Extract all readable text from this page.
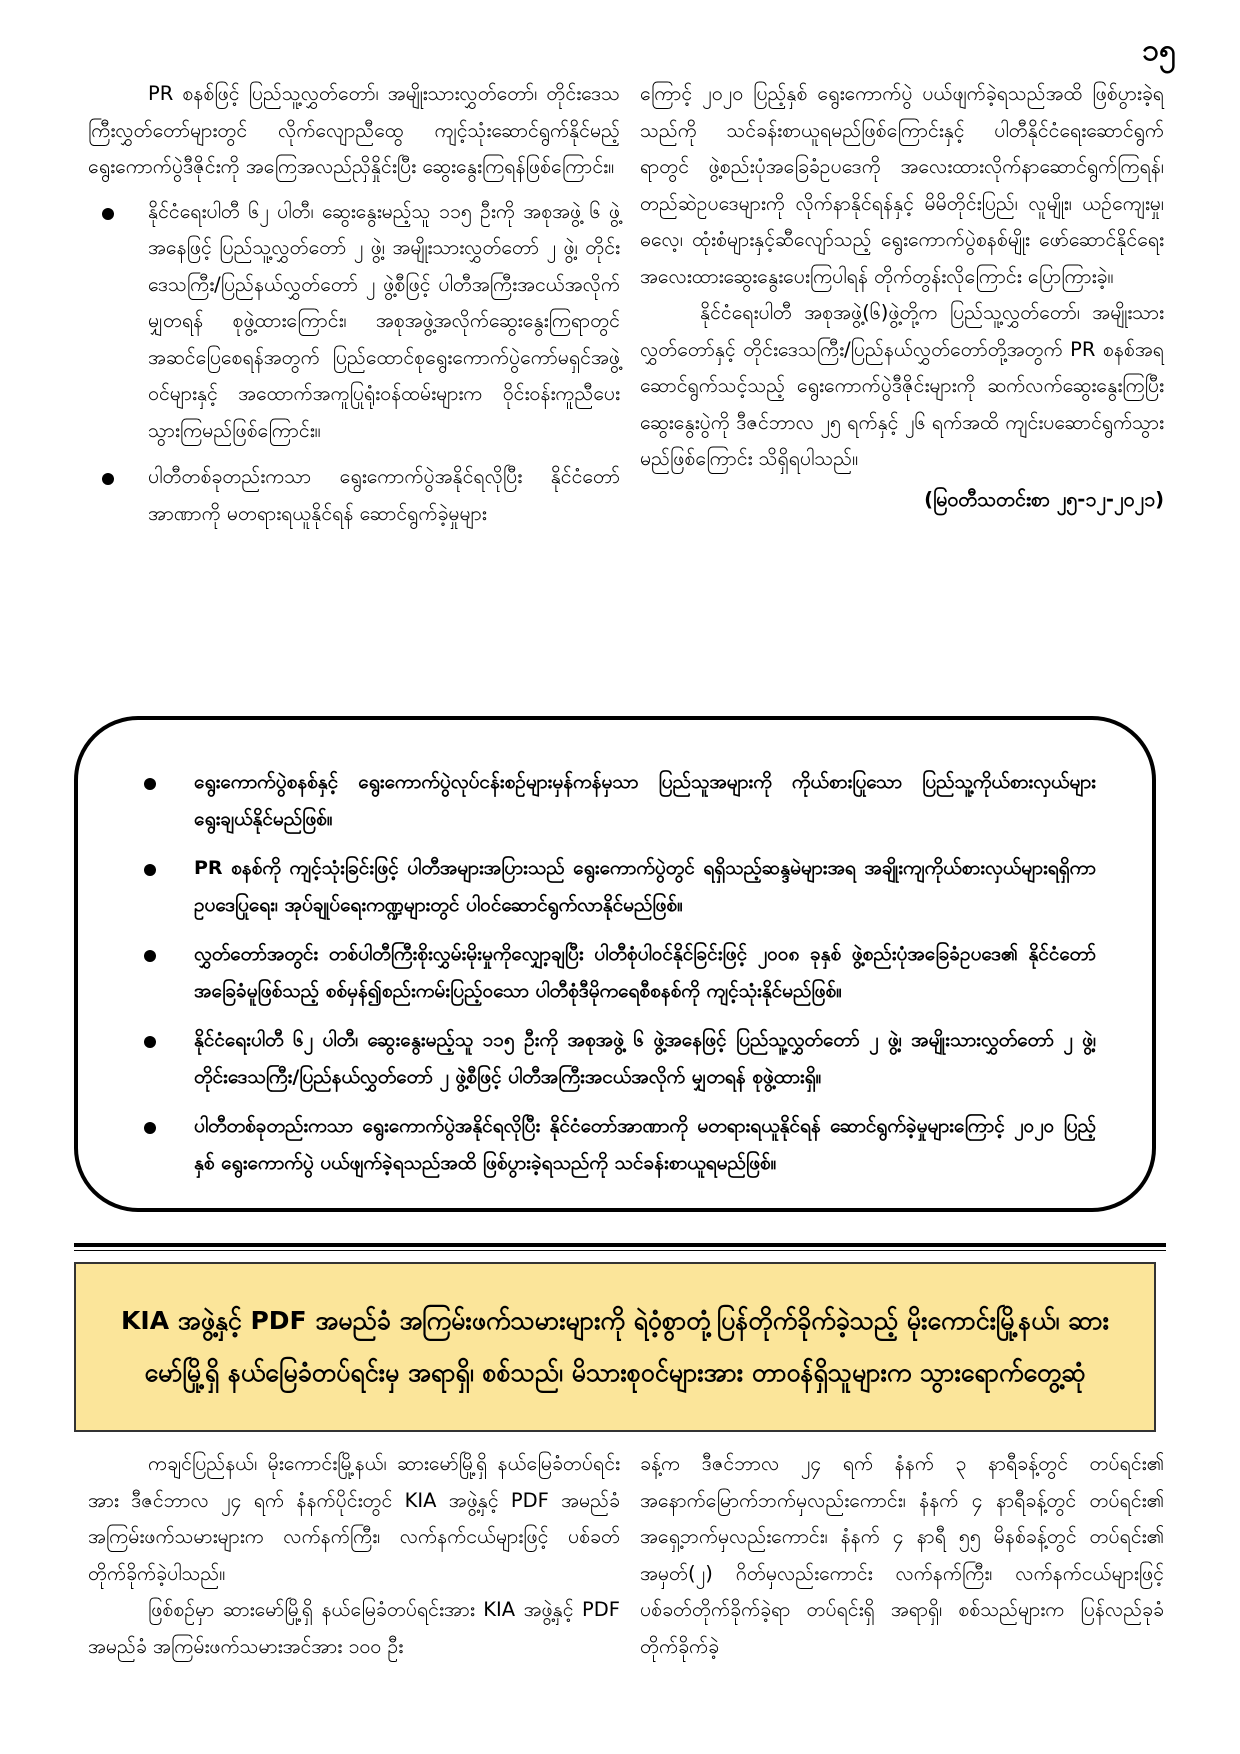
၁၅

PR စနစ်ဖြင့် ပြည်သူ့လွှတ်တော်၊ အမျိုးသားလွှတ်တော်၊ တိုင်းဒေသကြီးလွှတ်တော်များတွင် လိုက်လျောညီထွေ ကျင့်သုံးဆောင်ရွက်နိုင်မည့် ရွေးကောက်ပွဲဒီဇိုင်းကို အကြေအလည်ညှိနှိုင်းပြီး ဆွေးနွေးကြရန်ဖြစ်ကြောင်း။

နိုင်ငံရေးပါတီ ၆၂ ပါတီ၊ ဆွေးနွေးမည့်သူ ၁၁၅ ဦးကို အစုအဖွဲ့ ၆ ဖွဲ့အနေဖြင့် ပြည်သူ့လွှတ်တော် ၂ ဖွဲ့၊ အမျိုးသားလွှတ်တော် ၂ ဖွဲ့၊ တိုင်းဒေသကြီး/ပြည်နယ်လွှတ်တော် ၂ ဖွဲ့စီဖြင့် ပါတီအကြီးအငယ်အလိုက် မျှတရန် စုဖွဲ့ထားကြောင်း၊ အစုအဖွဲ့အလိုက်ဆွေးနွေးကြရာတွင် အဆင်ပြေစေရန်အတွက် ပြည်ထောင်စုရွေးကောက်ပွဲကော်မရှင်အဖွဲ့ဝင်များနှင့် အထောက်အကူပြုရုံးဝန်ထမ်းများက ဝိုင်းဝန်းကူညီပေးသွားကြမည်ဖြစ်ကြောင်း။
ပါတီတစ်ခုတည်းကသာ ရွေးကောက်ပွဲအနိုင်ရလိုပြီး နိုင်ငံတော်အာဏာကို မတရားရယူနိုင်ရန် ဆောင်ရွက်ခဲ့မှုများ

ကြောင့် ၂၀၂၀ ပြည့်နှစ် ရွေးကောက်ပွဲ ပယ်ဖျက်ခဲ့ရသည်အထိ ဖြစ်ပွားခဲ့ရသည်ကို သင်ခန်းစာယူရမည်ဖြစ်ကြောင်းနှင့် ပါတီနိုင်ငံရေးဆောင်ရွက်ရာတွင် ဖွဲ့စည်းပုံအခြေခံဥပဒေကို အလေးထားလိုက်နာဆောင်ရွက်ကြရန်၊ တည်ဆဲဥပဒေများကို လိုက်နာနိုင်ရန်နှင့် မိမိတိုင်းပြည်၊ လူမျိုး၊ ယဉ်ကျေးမှု၊ ဓလေ့၊ ထုံးစံများနှင့်ဆီလျော်သည့် ရွေးကောက်ပွဲစနစ်မျိုး ဖော်ဆောင်နိုင်ရေး အလေးထားဆွေးနွေးပေးကြပါရန် တိုက်တွန်းလိုကြောင်း ပြောကြားခဲ့။

နိုင်ငံရေးပါတီ အစုအဖွဲ့(၆)ဖွဲ့တို့က ပြည်သူ့လွှတ်တော်၊ အမျိုးသားလွှတ်တော်နှင့် တိုင်းဒေသကြီး/ပြည်နယ်လွှတ်တော်တို့အတွက် PR စနစ်အရ ဆောင်ရွက်သင့်သည့် ရွေးကောက်ပွဲဒီဇိုင်းများကို ဆက်လက်ဆွေးနွေးကြပြီး ဆွေးနွေးပွဲကို ဒီဇင်ဘာလ ၂၅ ရက်နှင့် ၂၆ ရက်အထိ ကျင်းပဆောင်ရွက်သွားမည်ဖြစ်ကြောင်း သိရှိရပါသည်။

(မြဝတီသတင်းစာ ၂၅-၁၂-၂၀၂၁)
ရွေးကောက်ပွဲစနစ်နှင့် ရွေးကောက်ပွဲလုပ်ငန်းစဉ်များမှန်ကန်မှသာ ပြည်သူအများကို ကိုယ်စားပြုသော ပြည်သူ့ကိုယ်စားလှယ်များ ရွေးချယ်နိုင်မည်ဖြစ်။
PR စနစ်ကို ကျင့်သုံးခြင်းဖြင့် ပါတီအများအပြားသည် ရွေးကောက်ပွဲတွင် ရရှိသည့်ဆန္ဒမဲများအရ အချိုးကျကိုယ်စားလှယ်များရရှိကာ ဥပဒေပြုရေး၊ အုပ်ချုပ်ရေးကဏ္ဍများတွင် ပါဝင်ဆောင်ရွက်လာနိုင်မည်ဖြစ်။
လွှတ်တော်အတွင်း တစ်ပါတီကြီးစိုးလွှမ်းမိုးမှုကိုလျှော့ချပြီး ပါတီစုံပါဝင်နိုင်ခြင်းဖြင့် ၂၀၀၈ ခုနှစ် ဖွဲ့စည်းပုံအခြေခံဥပဒေ၏ နိုင်ငံတော်အခြေခံမူဖြစ်သည့် စစ်မှန်၍စည်းကမ်းပြည့်ဝသော ပါတီစုံဒီမိုကရေစီစနစ်ကို ကျင့်သုံးနိုင်မည်ဖြစ်။
နိုင်ငံရေးပါတီ ၆၂ ပါတီ၊ ဆွေးနွေးမည့်သူ ၁၁၅ ဦးကို အစုအဖွဲ့ ၆ ဖွဲ့အနေဖြင့် ပြည်သူ့လွှတ်တော် ၂ ဖွဲ့၊ အမျိုးသားလွှတ်တော် ၂ ဖွဲ့၊ တိုင်းဒေသကြီး/ပြည်နယ်လွှတ်တော် ၂ ဖွဲ့စီဖြင့် ပါတီအကြီးအငယ်အလိုက် မျှတရန် စုဖွဲ့ထားရှိ။
ပါတီတစ်ခုတည်းကသာ ရွေးကောက်ပွဲအနိုင်ရလိုပြီး နိုင်ငံတော်အာဏာကို မတရားရယူနိုင်ရန် ဆောင်ရွက်ခဲ့မှုများကြောင့် ၂၀၂၀ ပြည့်နှစ် ရွေးကောက်ပွဲ ပယ်ဖျက်ခဲ့ရသည်အထိ ဖြစ်ပွားခဲ့ရသည်ကို သင်ခန်းစာယူရမည်ဖြစ်။
KIA အဖွဲ့နှင့် PDF အမည်ခံ အကြမ်းဖက်သမားများကို ရဲဝံ့စွာတုံ့ပြန်တိုက်ခိုက်ခဲ့သည့် မိုးကောင်းမြို့နယ်၊ ဆားမော်မြို့ရှိ နယ်မြေခံတပ်ရင်းမှ အရာရှိ၊ စစ်သည်၊ မိသားစုဝင်များအား တာဝန်ရှိသူများက သွားရောက်တွေ့ဆုံ

ကချင်ပြည်နယ်၊ မိုးကောင်းမြို့နယ်၊ ဆားမော်မြို့ရှိ နယ်မြေခံတပ်ရင်းအား ဒီဇင်ဘာလ ၂၄ ရက် နံနက်ပိုင်းတွင် KIA အဖွဲ့နှင့် PDF အမည်ခံ အကြမ်းဖက်သမားများက လက်နက်ကြီး၊ လက်နက်ငယ်များဖြင့် ပစ်ခတ်တိုက်ခိုက်ခဲ့ပါသည်။

ဖြစ်စဉ်မှာ ဆားမော်မြို့ရှိ နယ်မြေခံတပ်ရင်းအား KIA အဖွဲ့နှင့် PDF အမည်ခံ အကြမ်းဖက်သမားအင်အား ၁၀၀ ဦး

ခန့်က ဒီဇင်ဘာလ ၂၄ ရက် နံနက် ၃ နာရီခန့်တွင် တပ်ရင်း၏ အနောက်မြောက်ဘက်မှလည်းကောင်း၊ နံနက် ၄ နာရီခန့်တွင် တပ်ရင်း၏ အရှေ့ဘက်မှလည်းကောင်း၊ နံနက် ၄ နာရီ ၅၅ မိနစ်ခန့်တွင် တပ်ရင်း၏ အမှတ်(၂) ဂိတ်မှလည်းကောင်း လက်နက်ကြီး၊ လက်နက်ငယ်များဖြင့် ပစ်ခတ်တိုက်ခိုက်ခဲ့ရာ တပ်ရင်းရှိ အရာရှိ၊ စစ်သည်များက ပြန်လည်ခုခံတိုက်ခိုက်ခဲ့
